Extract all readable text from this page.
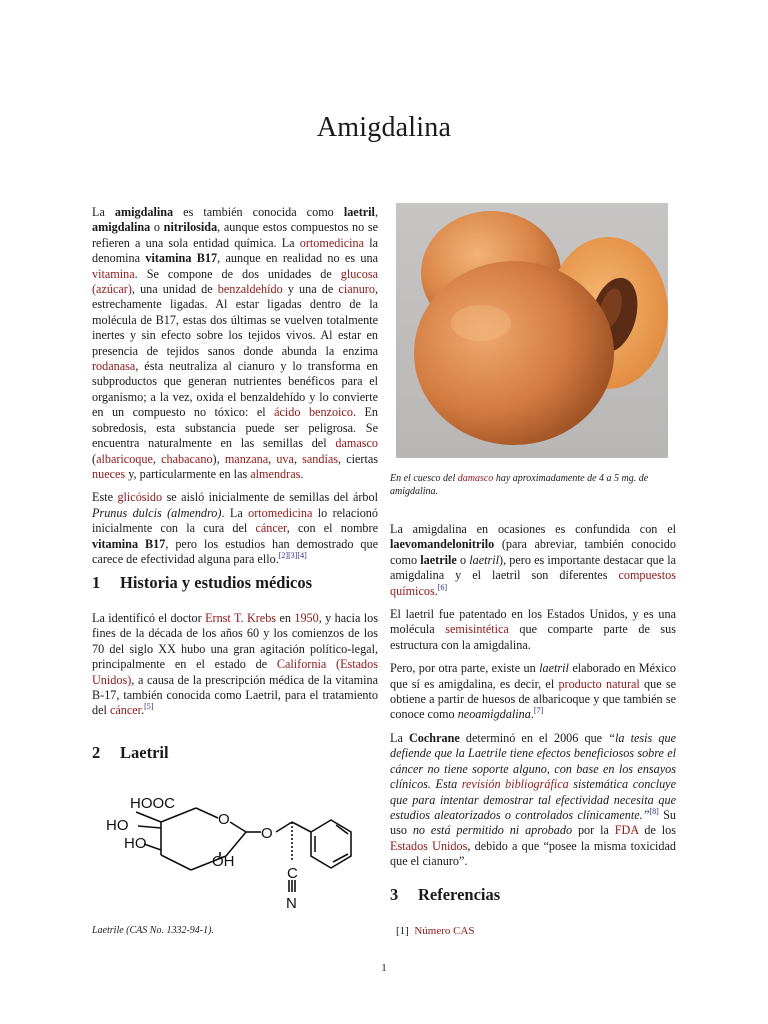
Amigdalina

La amigdalina es también conocida como laetril, amigdalina o nitrilosida, aunque estos compuestos no se refieren a una sola entidad química. La ortomedicina la denomina vitamina B17, aunque en realidad no es una vitamina. Se compone de dos unidades de glucosa (azúcar), una unidad de benzaldehído y una de cianuro, estrechamente ligadas. Al estar ligadas dentro de la molécula de B17, estas dos últimas se vuelven totalmente inertes y sin efecto sobre los tejidos vivos. Al estar en presencia de tejidos sanos donde abunda la enzima rodanasa, ésta neutraliza al cianuro y lo transforma en subproductos que generan nutrientes benéficos para el organismo; a la vez, oxida el benzaldehído y lo convierte en un compuesto no tóxico: el ácido benzoico. En sobredosis, esta substancia puede ser peligrosa. Se encuentra naturalmente en las semillas del damasco (albaricoque, chabacano), manzana, uva, sandías, ciertas nueces y, particularmente en las almendras.

Este glicósido se aisló inicialmente de semillas del árbol Prunus dulcis (almendro). La ortomedicina lo relacionó inicialmente con la cura del cáncer, con el nombre vitamina B17, pero los estudios han demostrado que carece de efectividad alguna para ello.[2][3][4]

1 Historia y estudios médicos

La identificó el doctor Ernst T. Krebs en 1950, y hacia los fines de la década de los años 60 y los comienzos de los 70 del siglo XX hubo una gran agitación político-legal, principalmente en el estado de California (Estados Unidos), a causa de la prescripción médica de la vitamina B-17, también conocida como Laetril, para el tratamiento del cáncer.[5]

2 Laetril
HOOC
HO
HO
O
OH
O
C
N
Laetrile (CAS No. 1332-94-1).
En el cuesco del damasco hay aproximadamente de 4 a 5 mg. de amigdalina.

La amigdalina en ocasiones es confundida con el laevomandelonitrilo (para abreviar, también conocido como laetrile o laetril), pero es importante destacar que la amigdalina y el laetril son diferentes compuestos químicos.[6]

El laetril fue patentado en los Estados Unidos, y es una molécula semisintética que comparte parte de sus estructura con la amigdalina.

Pero, por otra parte, existe un laetril elaborado en México que sí es amigdalina, es decir, el producto natural que se obtiene a partir de huesos de albaricoque y que también se conoce como neoamigdalina.[7]

La Cochrane determinó en el 2006 que “la tesis que defiende que la Laetrile tiene efectos beneficiosos sobre el cáncer no tiene soporte alguno, con base en los ensayos clínicos. Esta revisión bibliográfica sistemática concluye que para intentar demostrar tal efectividad necesita que estudios aleatorizados o controlados clínicamente.”[8] Su uso no está permitido ni aprobado por la FDA de los Estados Unidos, debido a que “posee la misma toxicidad que el cianuro”.

3 Referencias
[1] Número CAS
1
